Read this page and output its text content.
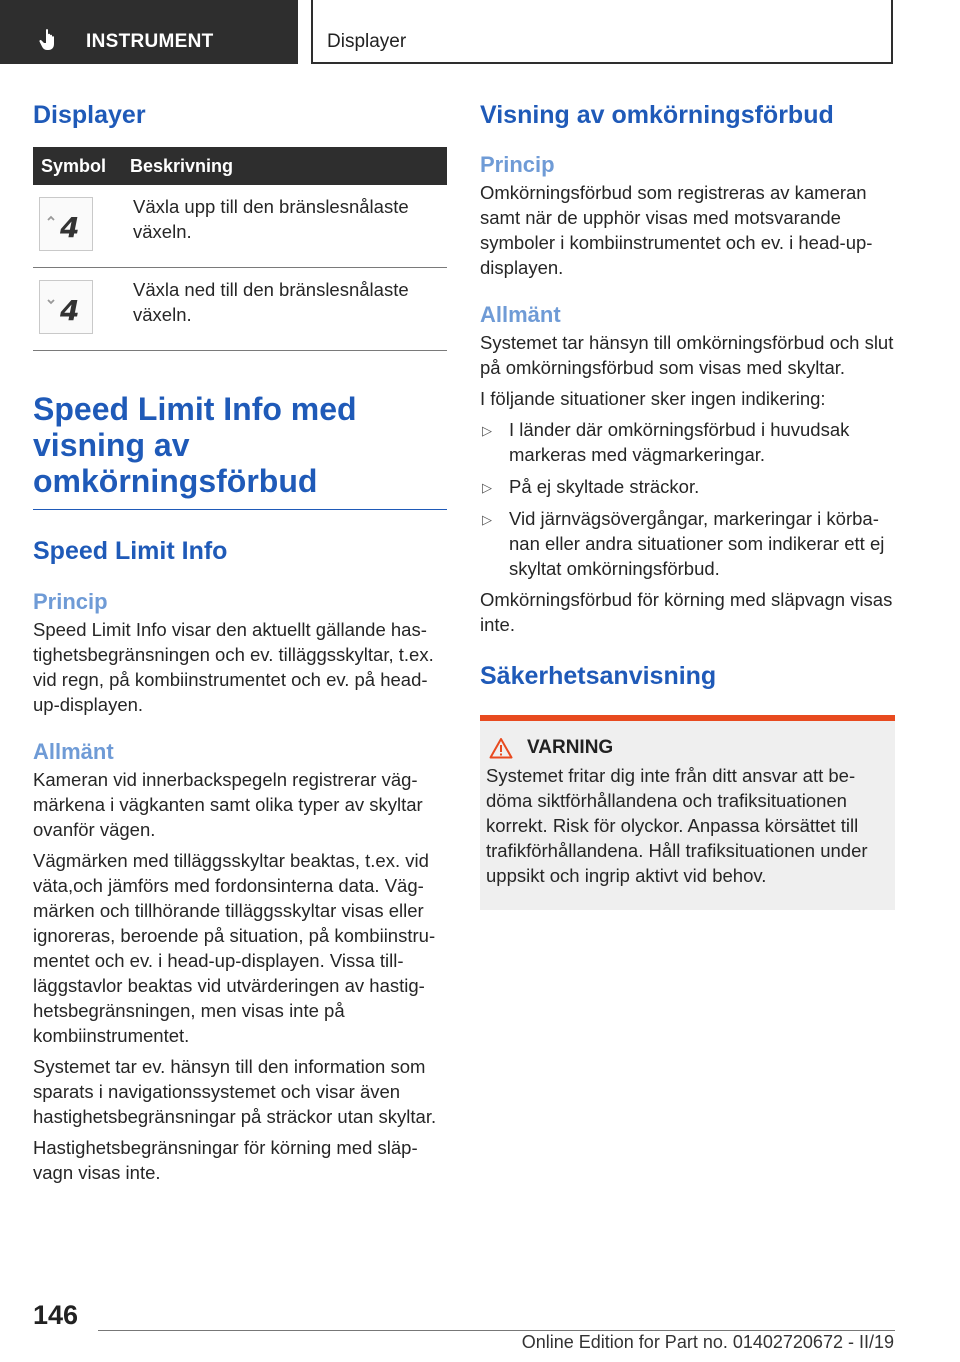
INSTRUMENT	Displayer
Displayer
Symbol	Beskrivning

4	Växla upp till den bränslesnålaste växeln.

4	Växla ned till den bränslesnålaste växeln.
Speed Limit Info med visning av omkörningsförbud
Speed Limit Info
Princip

Speed Limit Info visar den aktuellt gällande hastighetsbegränsningen och ev. tilläggsskyltar, t.ex. vid regn, på kombiinstrumentet och ev. på head-up-displayen.

Allmänt

Kameran vid innerbackspegeln registrerar vägmärkena i vägkanten samt olika typer av skyltar ovanför vägen.

Vägmärken med tilläggsskyltar beaktas, t.ex. vid väta,och jämförs med fordonsinterna data. Vägmärken och tillhörande tilläggsskyltar visas eller ignoreras, beroende på situation, på kombiinstrumentet och ev. i head-up-displayen. Vissa tillläggstavlor beaktas vid utvärderingen av hastighetsbegränsningen, men visas inte på kombiinstrumentet.

Systemet tar ev. hänsyn till den information som sparats i navigationssystemet och visar även hastighetsbegränsningar på sträckor utan skyltar.

Hastighetsbegränsningar för körning med släpvagn visas inte.

Visning av omkörningsförbud
Princip

Omkörningsförbud som registreras av kameran samt när de upphör visas med motsvarande symboler i kombiinstrumentet och ev. i head-up-displayen.

Allmänt

Systemet tar hänsyn till omkörningsförbud och slut på omkörningsförbud som visas med skyltar.

I följande situationer sker ingen indikering:

▷ I länder där omkörningsförbud i huvudsak markeras med vägmarkeringar.
▷ På ej skyltade sträckor.
▷ Vid järnvägsövergångar, markeringar i körbanan eller andra situationer som indikerar ett ej skyltat omkörningsförbud.

Omkörningsförbud för körning med släpvagn visas inte.

Säkerhetsanvisning
VARNING

Systemet fritar dig inte från ditt ansvar att bedöma siktförhållandena och trafiksituationen korrekt. Risk för olyckor. Anpassa körsättet till trafikförhållandena. Håll trafiksituationen under uppsikt och ingrip aktivt vid behov.

146
Online Edition for Part no. 01402720672 - II/19
